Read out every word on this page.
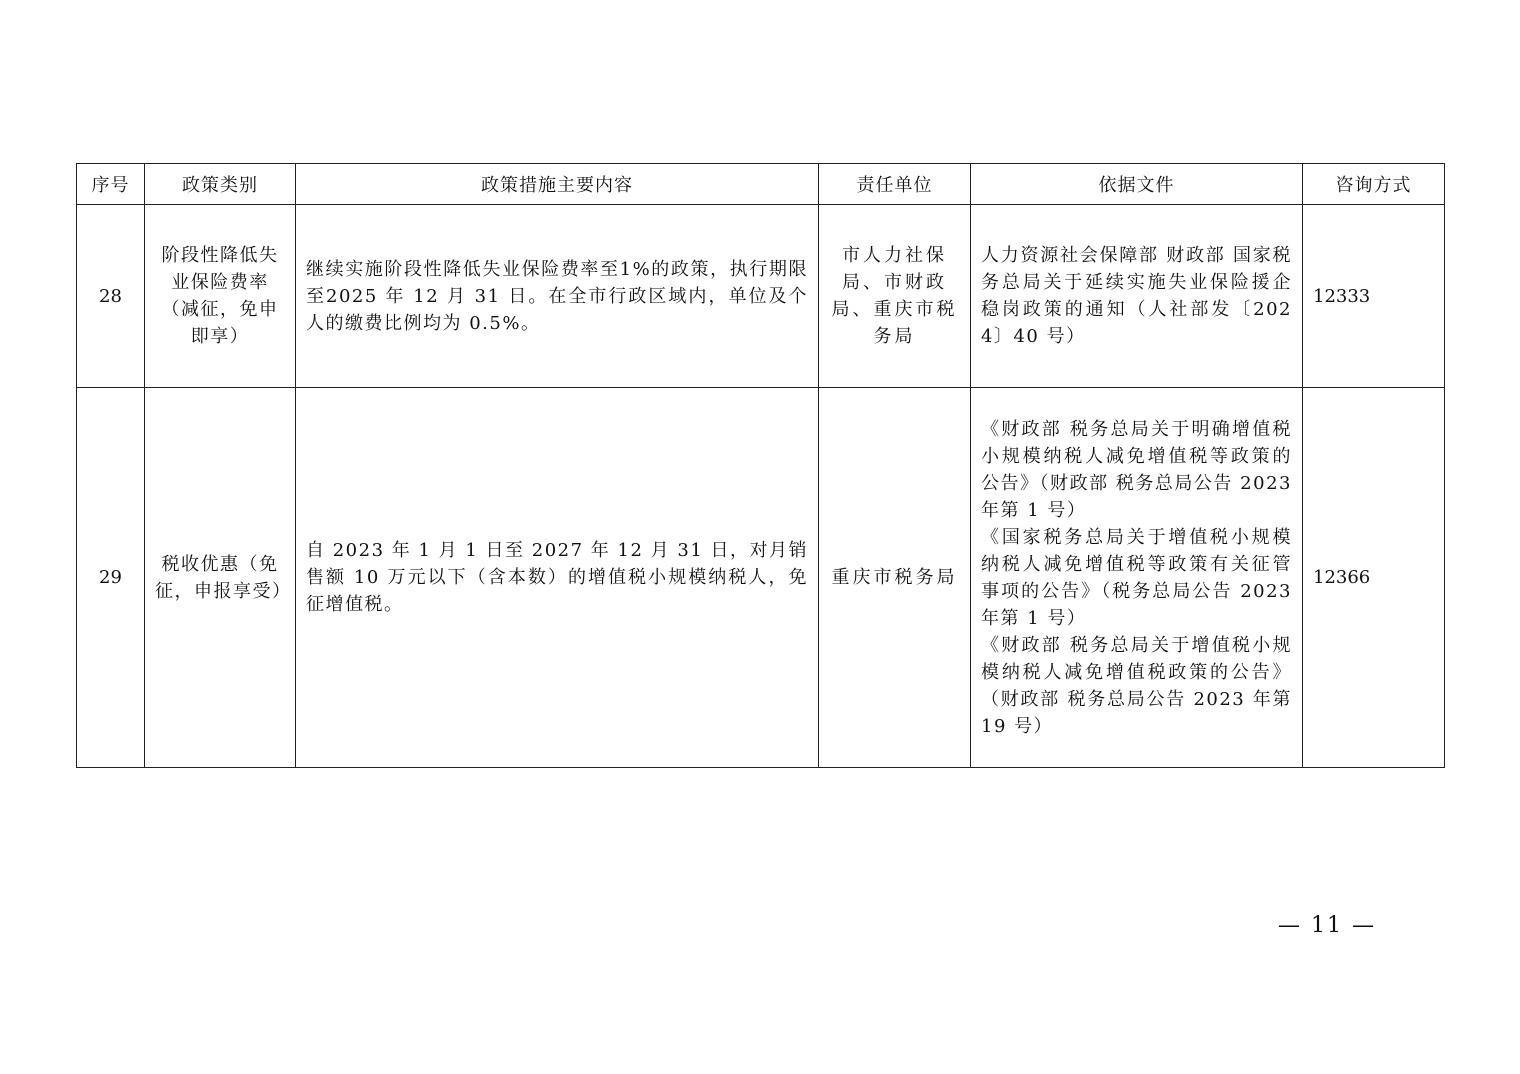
序号	政策类别	政策措施主要内容	责任单位	依据文件	咨询方式
28	阶段性降低失业保险费率（减征，免申即享）	继续实施阶段性降低失业保险费率至1%的政策，执行期限至2025 年 12 月 31 日。在全市行政区域内，单位及个人的缴费比例均为 0.5%。	市人力社保局、市财政局、重庆市税务局	人力资源社会保障部 财政部 国家税务总局关于延续实施失业保险援企稳岗政策的通知（人社部发〔2024〕40 号）	12333
29	税收优惠（免征，申报享受）	自 2023 年 1 月 1 日至 2027 年 12 月 31 日，对月销售额 10 万元以下（含本数）的增值税小规模纳税人，免征增值税。	重庆市税务局	《财政部 税务总局关于明确增值税小规模纳税人减免增值税等政策的公告》（财政部 税务总局公告 2023 年第 1 号）
《国家税务总局关于增值税小规模纳税人减免增值税等政策有关征管事项的公告》（税务总局公告 2023 年第 1 号）
《财政部 税务总局关于增值税小规模纳税人减免增值税政策的公告》（财政部 税务总局公告 2023 年第 19 号）	12366
— 11 —
